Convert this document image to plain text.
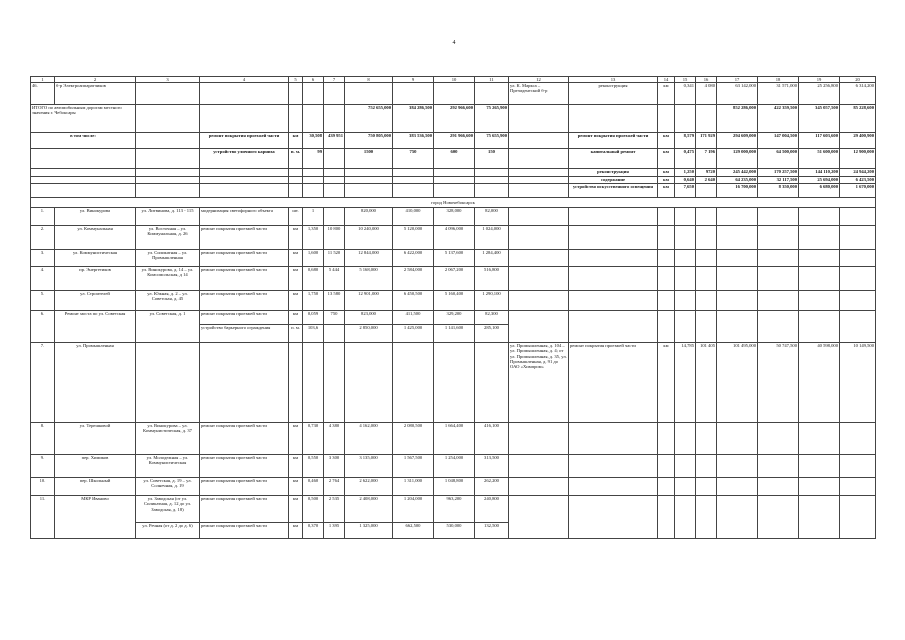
4
1	2	3	4	5	6	7	8	9	10	11	12	13	14	15	16	17	18	19	20
46.	б-р Электроаппаратчиков										ул. К. Маркса – Президентский б-р	реконструкция	км	0,341	4 080	63 142,000	31 571,000	25 256,800	6 314,200
ИТОГО по автомобильным дорогам местного значения г. Чебоксары							752 655,000	384 286,500	292 966,600	75 265,900						852 286,000	422 359,500	345 057,500	85 228,600
в том числе:			ремонт покрытия проезжей части	км	30,508	439 951	750 805,000	383 536,500	291 966,600	75 655,900		ремонт покрытия проезжей части	км	8,579	171 929	294 609,000	147 004,500	117 603,600	29 400,900
			устройство уличного карнизa	п. м.	99		1500	750	600	150		капитальный ремонт	км	0,475	7 196	129 000,000	64 500,000	51 600,000	12 900,000
												реконструкция	км	1,250	9720	245 442,000	170 257,500	144 110,200	24 944,200
												содержание	км	0,640	2 640	64 235,000	32 117,500	25 694,000	6 423,500
												устройство искусственного освещения	км	7,650		16 700,000	8 350,000	6 680,000	1 670,000
город Новочебоксарск																			
1.	ул. Винокурова	ул. Литвинова, д. 113 - 115	модернизация светофорного объекта	шт.	1		820,000	410,000	328,000	82,000									
2.	ул. Коммунальная	ул. Восточная – ул. Коммунальная, д. 26	ремонт покрытия проезжей части	км	1,350	10 800	10 240,000	5 120,000	4 096,000	1 024,000									
3.	ул. Коммунистическая	ул. Силикатная – ул. Промышленная	ремонт покрытия проезжей части	км	1,600	11 520	12 844,000	6 422,000	5 137,600	1 284,400									
4.	пр. Энергетиков	ул. Винокурова, д. 14 – ул. Комсомольская, д 14	ремонт покрытия проезжей части	км	0,680	5 444	5 168,000	2 584,000	2 067,200	516,800									
5.	ул. Строителей	ул. Южная, д. 2 – ул. Советская, д. 45	ремонт покрытия проезжей части	км	1,750	13 580	12 901,000	6 450,500	5 160,400	1 290,100									
6.	Ремонт моста по ул. Советская	ул. Советская, д. 1	ремонт покрытия проезжей части	км	0,059	750	823,000	411,500	329,200	82,300									
			устройство барьерного ограждения	п. м.	103,6		2 850,000	1 425,000	1 141,600	285,100									
7.	ул. Промышленная										ул. Промышленная, д. 104 – ул. Промышленная, д. 4; от ул. Промышленная, д. 35, ул. Промышленная, д. 91 до ОАО «Химпром»	ремонт покрытия проезжей части	км	14,785	101 405	101 495,000	50 747,500	40 598,000	10 149,500
8.	ул. Терешковой	ул. Винокурова – ул. Коммунистическая, д. 37	ремонт покрытия проезжей части	км	0,730	4 380	4 162,000	2 080,500	1 664,400	416,100									
9.	пер. Химиков	ул. Молодежная – ул. Коммунистическая	ремонт покрытия проезжей части	км	0,550	3 300	3 135,000	1 567,500	1 254,000	313,500									
10.	пер. Школьный	ул. Советская, д. 19 – ул. Солнечная, д. 19	ремонт покрытия проезжей части	км	0,460	2 764	2 622,000	1 311,000	1 048,800	262,200									
11.	МКР Иваново	ул. Заводская (от ул. Силикатная, д. 12 до ул. Заводская, д. 18)	ремонт покрытия проезжей части	км	0,500	2 535	2 408,000	1 204,000	963,200	240,800									
		ул. Речная (от д. 2 до д. 6)	ремонт покрытия проезжей части	км	0,370	1 395	1 325,000	662,500	530,000	132,500									
